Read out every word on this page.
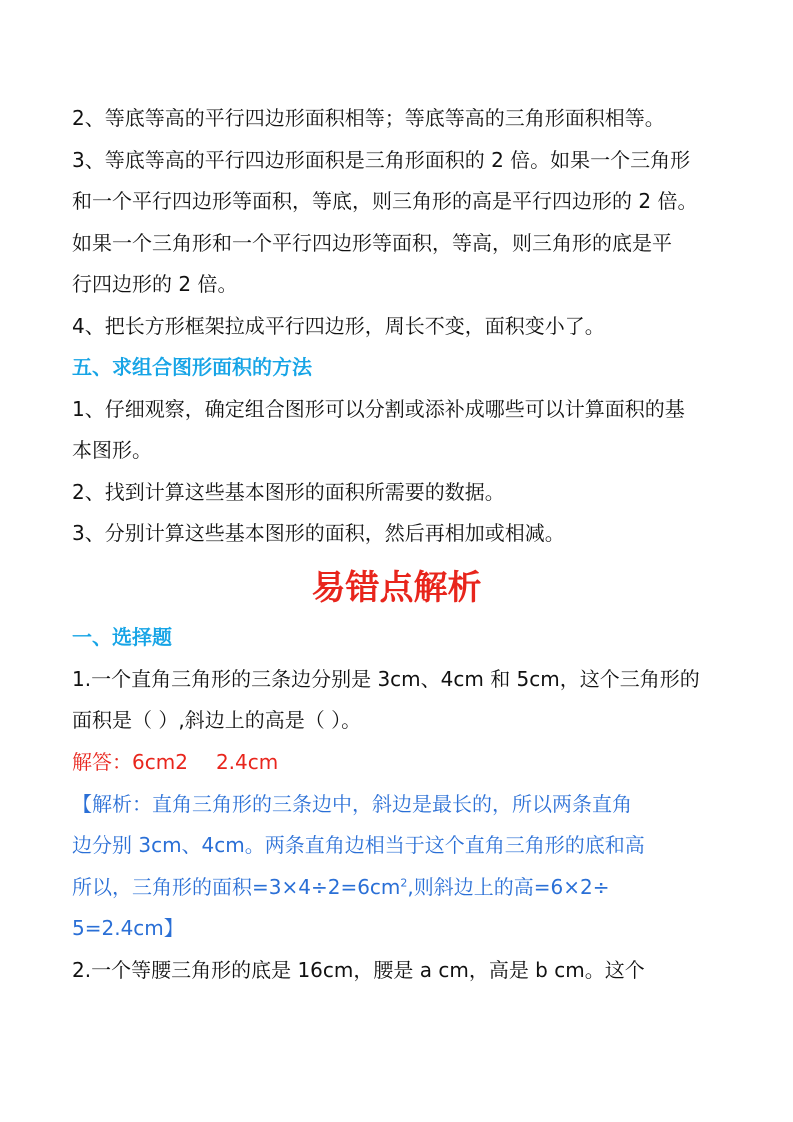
2、等底等高的平行四边形面积相等；等底等高的三角形面积相等。
3、等底等高的平行四边形面积是三角形面积的 2 倍。如果一个三角形
和一个平行四边形等面积，等底，则三角形的高是平行四边形的 2 倍。
如果一个三角形和一个平行四边形等面积，等高，则三角形的底是平
行四边形的 2 倍。
4、把长方形框架拉成平行四边形，周长不变，面积变小了。
五、求组合图形面积的方法
1、仔细观察，确定组合图形可以分割或添补成哪些可以计算面积的基
本图形。
2、找到计算这些基本图形的面积所需要的数据。
3、分别计算这些基本图形的面积，然后再相加或相减。
易错点解析
一、选择题
1.一个直角三角形的三条边分别是 3cm、4cm 和 5cm，这个三角形的
面积是（ ）,斜边上的高是（ ）。
解答：6cm2 2.4cm
【解析：直角三角形的三条边中，斜边是最长的，所以两条直角
边分别 3cm、4cm。两条直角边相当于这个直角三角形的底和高
所以，三角形的面积$=3\times 4\div 2=6cm^2$,则斜边上的高=6×2÷
5=2.4cm】
2.一个等腰三角形的底是 16cm，腰是 a cm，高是 b cm。这个
